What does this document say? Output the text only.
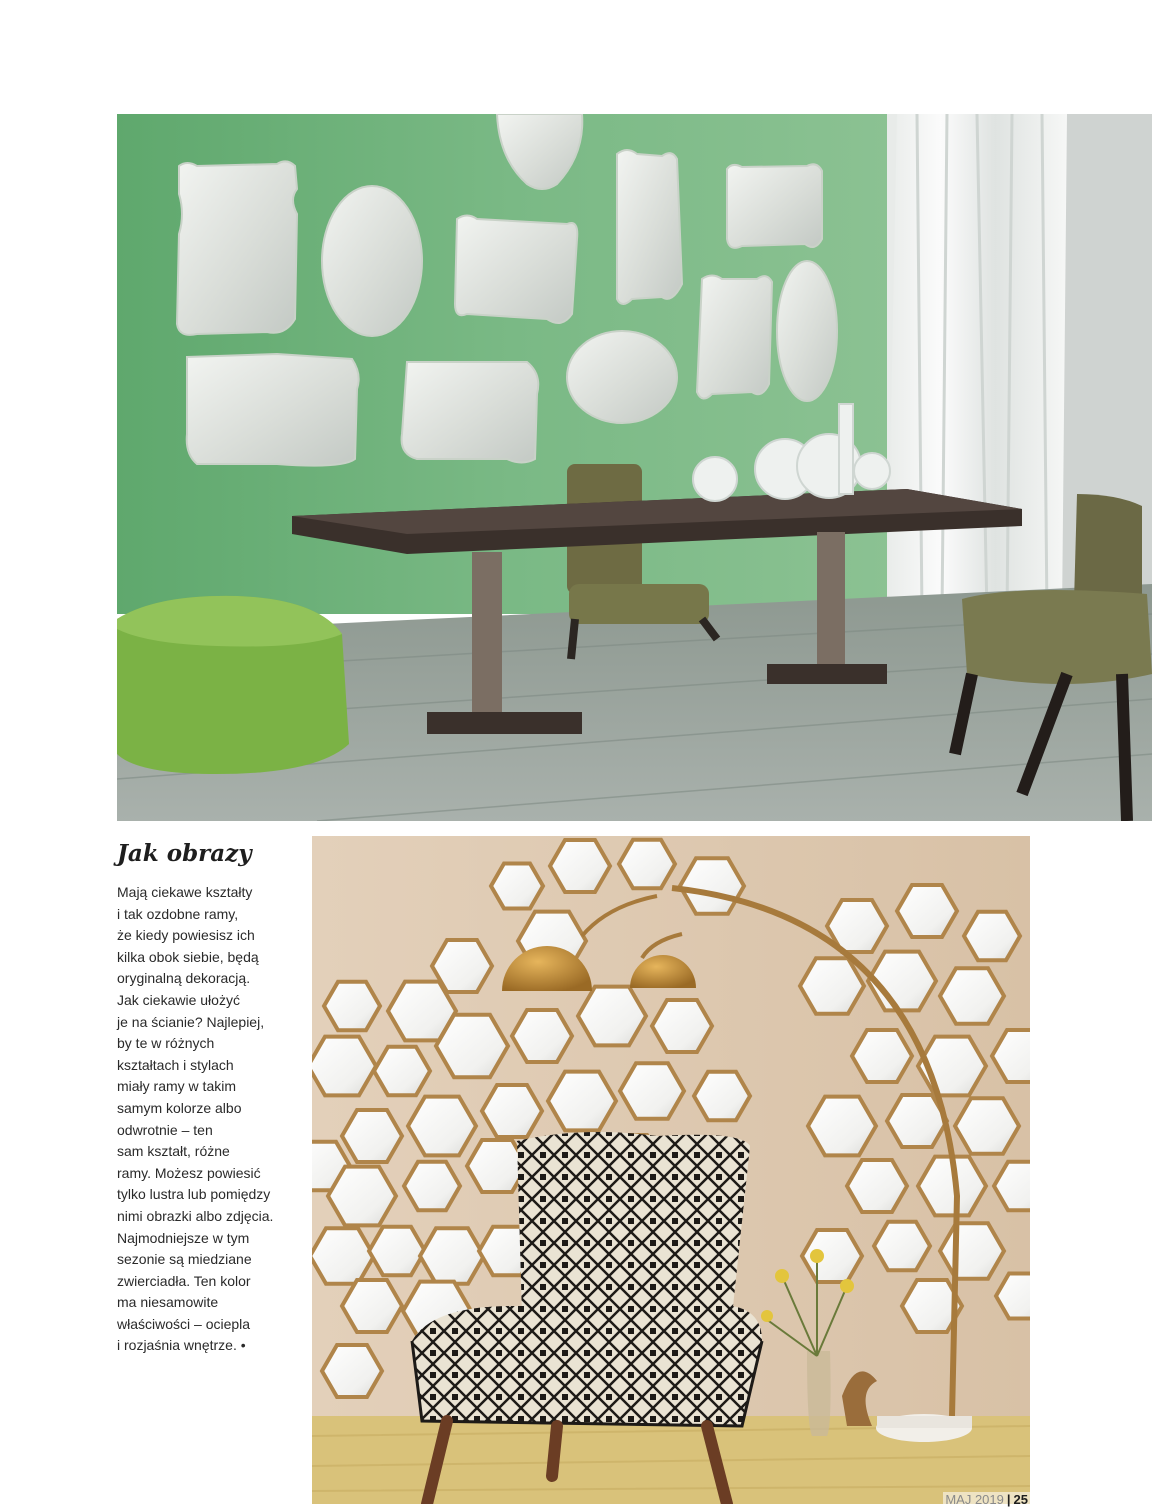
Jak obrazy
Mają ciekawe kształty
i tak ozdobne ramy,
że kiedy powiesisz ich
kilka obok siebie, będą
oryginalną dekoracją.
Jak ciekawie ułożyć
je na ścianie? Najlepiej,
by te w różnych
kształtach i stylach
miały ramy w takim
samym kolorze albo
odwrotnie – ten
sam kształt, różne
ramy. Możesz powiesić
tylko lustra lub pomiędzy
nimi obrazki albo zdjęcia.
Najmodniejsze w tym
sezonie są miedziane
zwierciadła. Ten kolor
ma niesamowite
właściwości – ociepla
i rozjaśnia wnętrze. •
MAJ 2019 | 25
